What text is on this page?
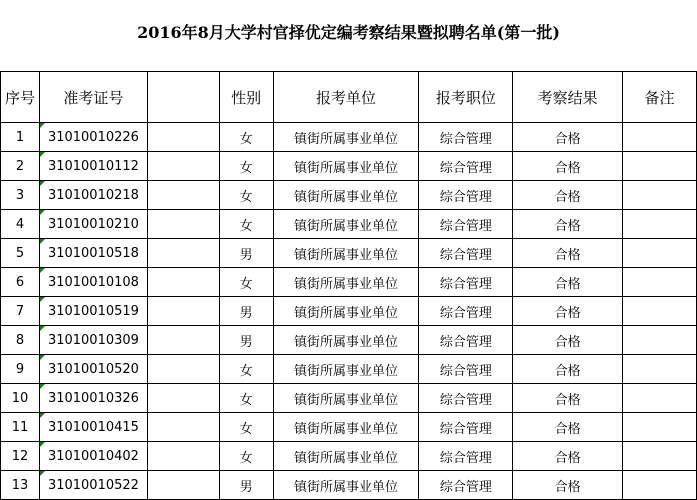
2016年8月大学村官择优定编考察结果暨拟聘名单(第一批)
序号	准考证号		性别	报考单位	报考职位	考察结果	备注
1	31010010226		女	镇街所属事业单位	综合管理	合格	
2	31010010112		女	镇街所属事业单位	综合管理	合格	
3	31010010218		女	镇街所属事业单位	综合管理	合格	
4	31010010210		女	镇街所属事业单位	综合管理	合格	
5	31010010518		男	镇街所属事业单位	综合管理	合格	
6	31010010108		女	镇街所属事业单位	综合管理	合格	
7	31010010519		男	镇街所属事业单位	综合管理	合格	
8	31010010309		男	镇街所属事业单位	综合管理	合格	
9	31010010520		女	镇街所属事业单位	综合管理	合格	
10	31010010326		女	镇街所属事业单位	综合管理	合格	
11	31010010415		女	镇街所属事业单位	综合管理	合格	
12	31010010402		女	镇街所属事业单位	综合管理	合格	
13	31010010522		男	镇街所属事业单位	综合管理	合格	
